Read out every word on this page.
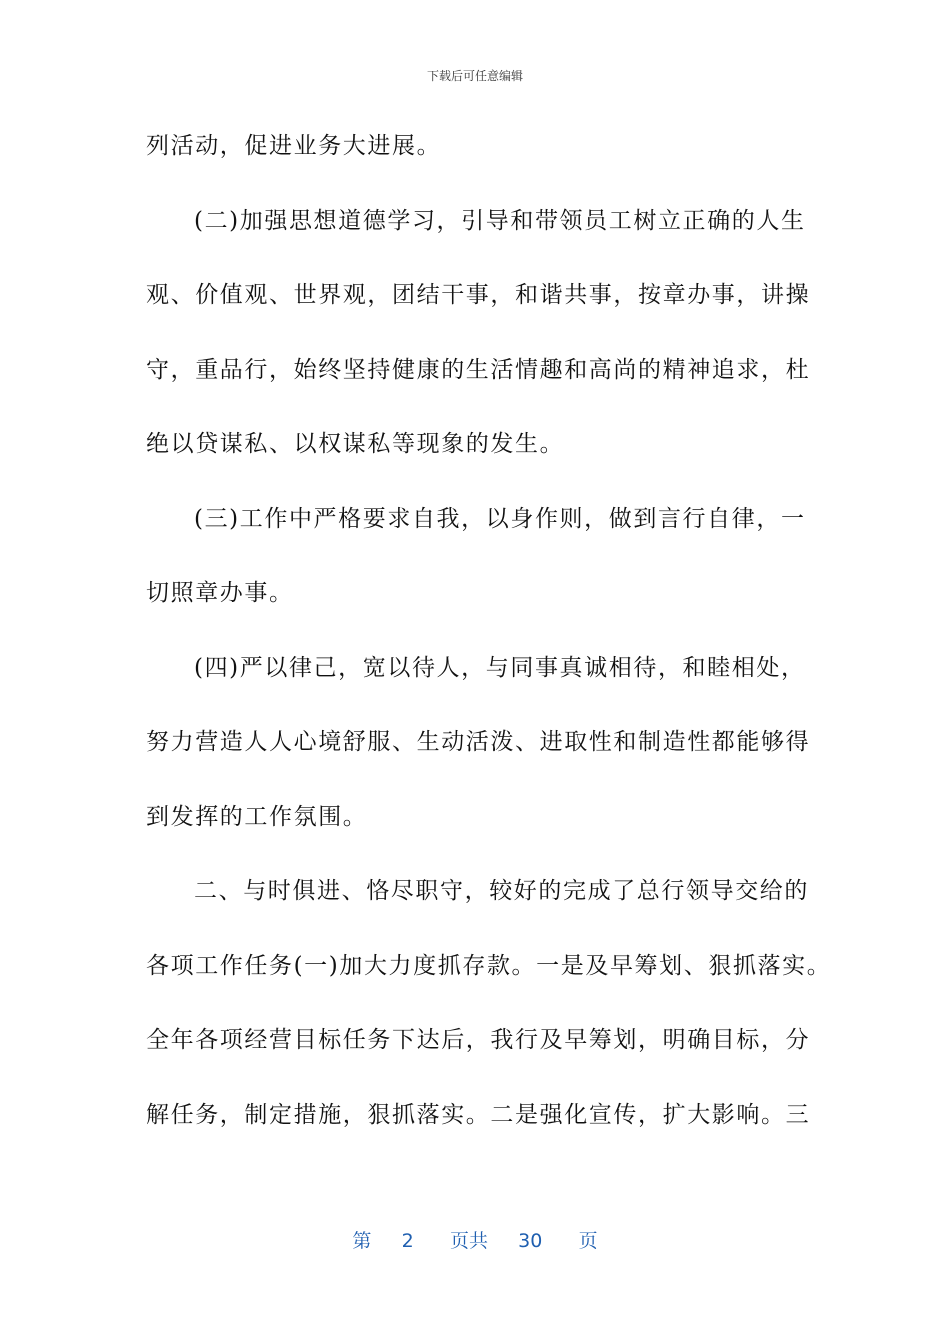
下载后可任意编辑
列活动，促进业务大进展。
(二)加强思想道德学习，引导和带领员工树立正确的人生
观、价值观、世界观，团结干事，和谐共事，按章办事，讲操
守，重品行，始终坚持健康的生活情趣和高尚的精神追求，杜
绝以贷谋私、以权谋私等现象的发生。
(三)工作中严格要求自我，以身作则，做到言行自律，一
切照章办事。
(四)严以律己，宽以待人，与同事真诚相待，和睦相处，
努力营造人人心境舒服、生动活泼、进取性和制造性都能够得
到发挥的工作氛围。
二、与时俱进、恪尽职守，较好的完成了总行领导交给的
各项工作任务(一)加大力度抓存款。一是及早筹划、狠抓落实。
全年各项经营目标任务下达后，我行及早筹划，明确目标，分
解任务，制定措施，狠抓落实。二是强化宣传，扩大影响。三
第 2 页共 30 页
